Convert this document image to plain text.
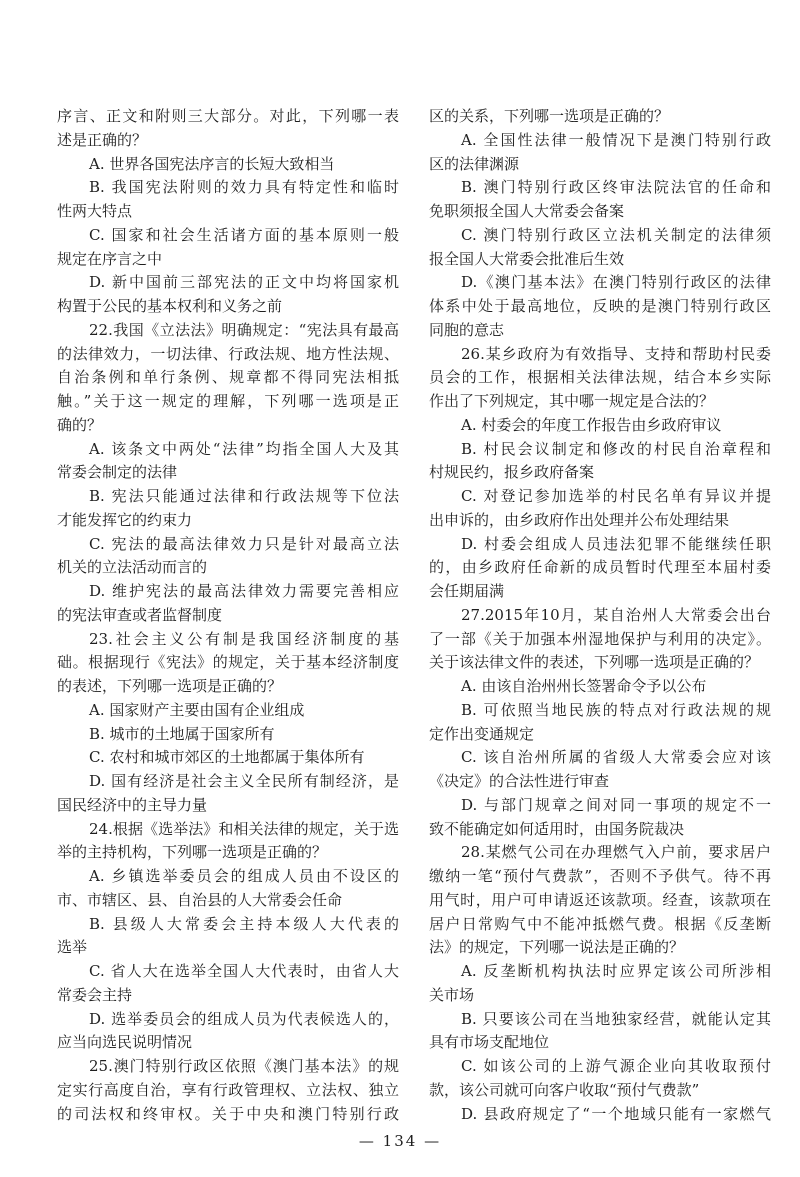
序言、正文和附则三大部分。对此，下列哪一表
述是正确的？
A. 世界各国宪法序言的长短大致相当
B. 我国宪法附则的效力具有特定性和临时
性两大特点
C. 国家和社会生活诸方面的基本原则一般
规定在序言之中
D. 新中国前三部宪法的正文中均将国家机
构置于公民的基本权利和义务之前
22.我国《立法法》明确规定：“宪法具有最高
的法律效力，一切法律、行政法规、地方性法规、
自治条例和单行条例、规章都不得同宪法相抵
触。”关于这一规定的理解，下列哪一选项是正
确的？
A. 该条文中两处“法律”均指全国人大及其
常委会制定的法律
B. 宪法只能通过法律和行政法规等下位法
才能发挥它的约束力
C. 宪法的最高法律效力只是针对最高立法
机关的立法活动而言的
D. 维护宪法的最高法律效力需要完善相应
的宪法审查或者监督制度
23.社会主义公有制是我国经济制度的基
础。根据现行《宪法》的规定，关于基本经济制度
的表述，下列哪一选项是正确的？
A. 国家财产主要由国有企业组成
B. 城市的土地属于国家所有
C. 农村和城市郊区的土地都属于集体所有
D. 国有经济是社会主义全民所有制经济，是
国民经济中的主导力量
24.根据《选举法》和相关法律的规定，关于选
举的主持机构，下列哪一选项是正确的？
A. 乡镇选举委员会的组成人员由不设区的
市、市辖区、县、自治县的人大常委会任命
B. 县级人大常委会主持本级人大代表的
选举
C. 省人大在选举全国人大代表时，由省人大
常委会主持
D. 选举委员会的组成人员为代表候选人的，
应当向选民说明情况
25.澳门特别行政区依照《澳门基本法》的规
定实行高度自治，享有行政管理权、立法权、独立
的司法权和终审权。关于中央和澳门特别行政
区的关系，下列哪一选项是正确的？
A. 全国性法律一般情况下是澳门特别行政
区的法律渊源
B. 澳门特别行政区终审法院法官的任命和
免职须报全国人大常委会备案
C. 澳门特别行政区立法机关制定的法律须
报全国人大常委会批准后生效
D.《澳门基本法》在澳门特别行政区的法律
体系中处于最高地位，反映的是澳门特别行政区
同胞的意志
26.某乡政府为有效指导、支持和帮助村民委
员会的工作，根据相关法律法规，结合本乡实际
作出了下列规定，其中哪一规定是合法的？
A. 村委会的年度工作报告由乡政府审议
B. 村民会议制定和修改的村民自治章程和
村规民约，报乡政府备案
C. 对登记参加选举的村民名单有异议并提
出申诉的，由乡政府作出处理并公布处理结果
D. 村委会组成人员违法犯罪不能继续任职
的，由乡政府任命新的成员暂时代理至本届村委
会任期届满
27.2015年10月，某自治州人大常委会出台
了一部《关于加强本州湿地保护与利用的决定》。
关于该法律文件的表述，下列哪一选项是正确的？
A. 由该自治州州长签署命令予以公布
B. 可依照当地民族的特点对行政法规的规
定作出变通规定
C. 该自治州所属的省级人大常委会应对该
《决定》的合法性进行审查
D. 与部门规章之间对同一事项的规定不一
致不能确定如何适用时，由国务院裁决
28.某燃气公司在办理燃气入户前，要求居户
缴纳一笔“预付气费款”，否则不予供气。待不再
用气时，用户可申请返还该款项。经查，该款项在
居户日常购气中不能冲抵燃气费。根据《反垄断
法》的规定，下列哪一说法是正确的？
A. 反垄断机构执法时应界定该公司所涉相
关市场
B. 只要该公司在当地独家经营，就能认定其
具有市场支配地位
C. 如该公司的上游气源企业向其收取预付
款，该公司就可向客户收取“预付气费款”
D. 县政府规定了“一个地域只能有一家燃气
— 134 —
